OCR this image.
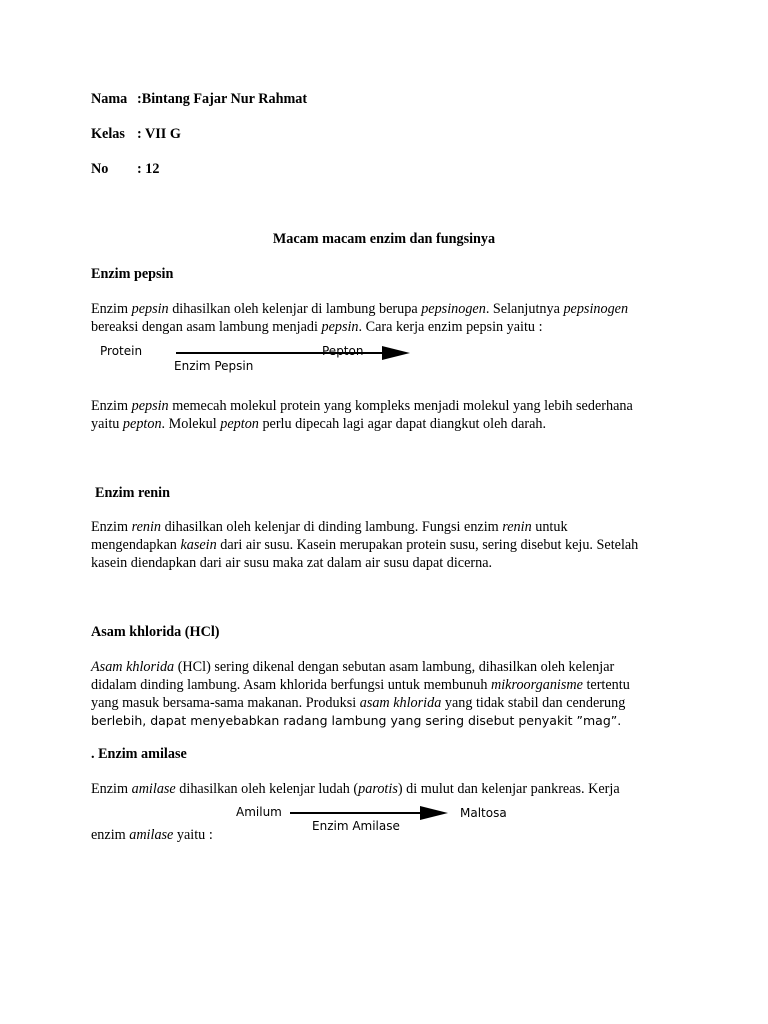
Nama :Bintang Fajar Nur Rahmat
Kelas : VII G
No : 12
Macam macam enzim dan fungsinya
Enzim pepsin
Enzim pepsin dihasilkan oleh kelenjar di lambung berupa pepsinogen. Selanjutnya pepsinogen
bereaksi dengan asam lambung menjadi pepsin. Cara kerja enzim pepsin yaitu :
Protein	Pepton
Enzim Pepsin
Enzim pepsin memecah molekul protein yang kompleks menjadi molekul yang lebih sederhana
yaitu pepton. Molekul pepton perlu dipecah lagi agar dapat diangkut oleh darah.
Enzim renin
Enzim renin dihasilkan oleh kelenjar di dinding lambung. Fungsi enzim renin untuk
mengendapkan kasein dari air susu. Kasein merupakan protein susu, sering disebut keju. Setelah
kasein diendapkan dari air susu maka zat dalam air susu dapat dicerna.
Asam khlorida (HCl)
Asam khlorida (HCl) sering dikenal dengan sebutan asam lambung, dihasilkan oleh kelenjar
didalam dinding lambung. Asam khlorida berfungsi untuk membunuh mikroorganisme tertentu
yang masuk bersama-sama makanan. Produksi asam khlorida yang tidak stabil dan cenderung
berlebih, dapat menyebabkan radang lambung yang sering disebut penyakit ”mag”.
. Enzim amilase
Enzim amilase dihasilkan oleh kelenjar ludah (parotis) di mulut dan kelenjar pankreas. Kerja
Amilum	Maltosa
Enzim Amilase
enzim amilase yaitu :
